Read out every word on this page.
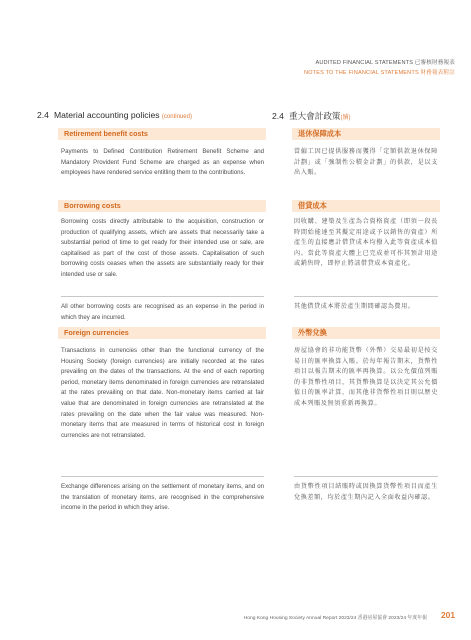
AUDITED FINANCIAL STATEMENTS 已審核財務報表
NOTES TO THE FINANCIAL STATEMENTS 財務報表附註
2.4 Material accounting policies (continued)	2.4 重大會計政策(續)
Retirement benefit costs	退休保障成本
Payments to Defined Contribution Retirement Benefit Scheme and Mandatory Provident Fund Scheme are charged as an expense when employees have rendered service entitling them to the contributions.
當僱工因已提供服務而獲得「定額供款退休保障計劃」或「強制性公積金計劃」的供款，是以支出入賬。
Borrowing costs	借貸成本
Borrowing costs directly attributable to the acquisition, construction or production of qualifying assets, which are assets that necessarily take a substantial period of time to get ready for their intended use or sale, are capitalised as part of the cost of those assets. Capitalisation of such borrowing costs ceases when the assets are substantially ready for their intended use or sale.
因收購、建築及生產為合資格資產（即須一段長時間始能達至其擬定用途或予以銷售的資產）所產生的直接應計借貸成本均撥入此等資產成本值內。當此等資產大體上已完成並可作其預計用途或銷售時，即停止將該借貸成本資產化。
All other borrowing costs are recognised as an expense in the period in which they are incurred.
其他借貸成本將於產生期間確認為費用。
Foreign currencies	外幣兌換
Transactions in currencies other than the functional currency of the Housing Society (foreign currencies) are initially recorded at the rates prevailing on the dates of the transactions. At the end of each reporting period, monetary items denominated in foreign currencies are retranslated at the rates prevailing on that date. Non-monetary items carried at fair value that are denominated in foreign currencies are retranslated at the rates prevailing on the date when the fair value was measured. Non-monetary items that are measured in terms of historical cost in foreign currencies are not retranslated.
房屋協會的非功能貨幣（外幣）交易最初是按交易日的匯率換算入賬。於每年報告期末，貨幣性項目以報告期末的匯率再換算。以公允價值列賬的非貨幣性項目，其貨幣換算是以決定其公允價值日的匯率計算，而其他非貨幣性項目則以歷史成本列賬及無須重新再換算。
Exchange differences arising on the settlement of monetary items, and on the translation of monetary items, are recognised in the comprehensive income in the period in which they arise.
由貨幣性項目結賬時或因換算貨幣性項目而產生兌換差額，均於產生期內記入全面收益內確認。
Hong Kong Housing Society Annual Report 2023/24 香港房屋協會 2023/24 年度年報 201
